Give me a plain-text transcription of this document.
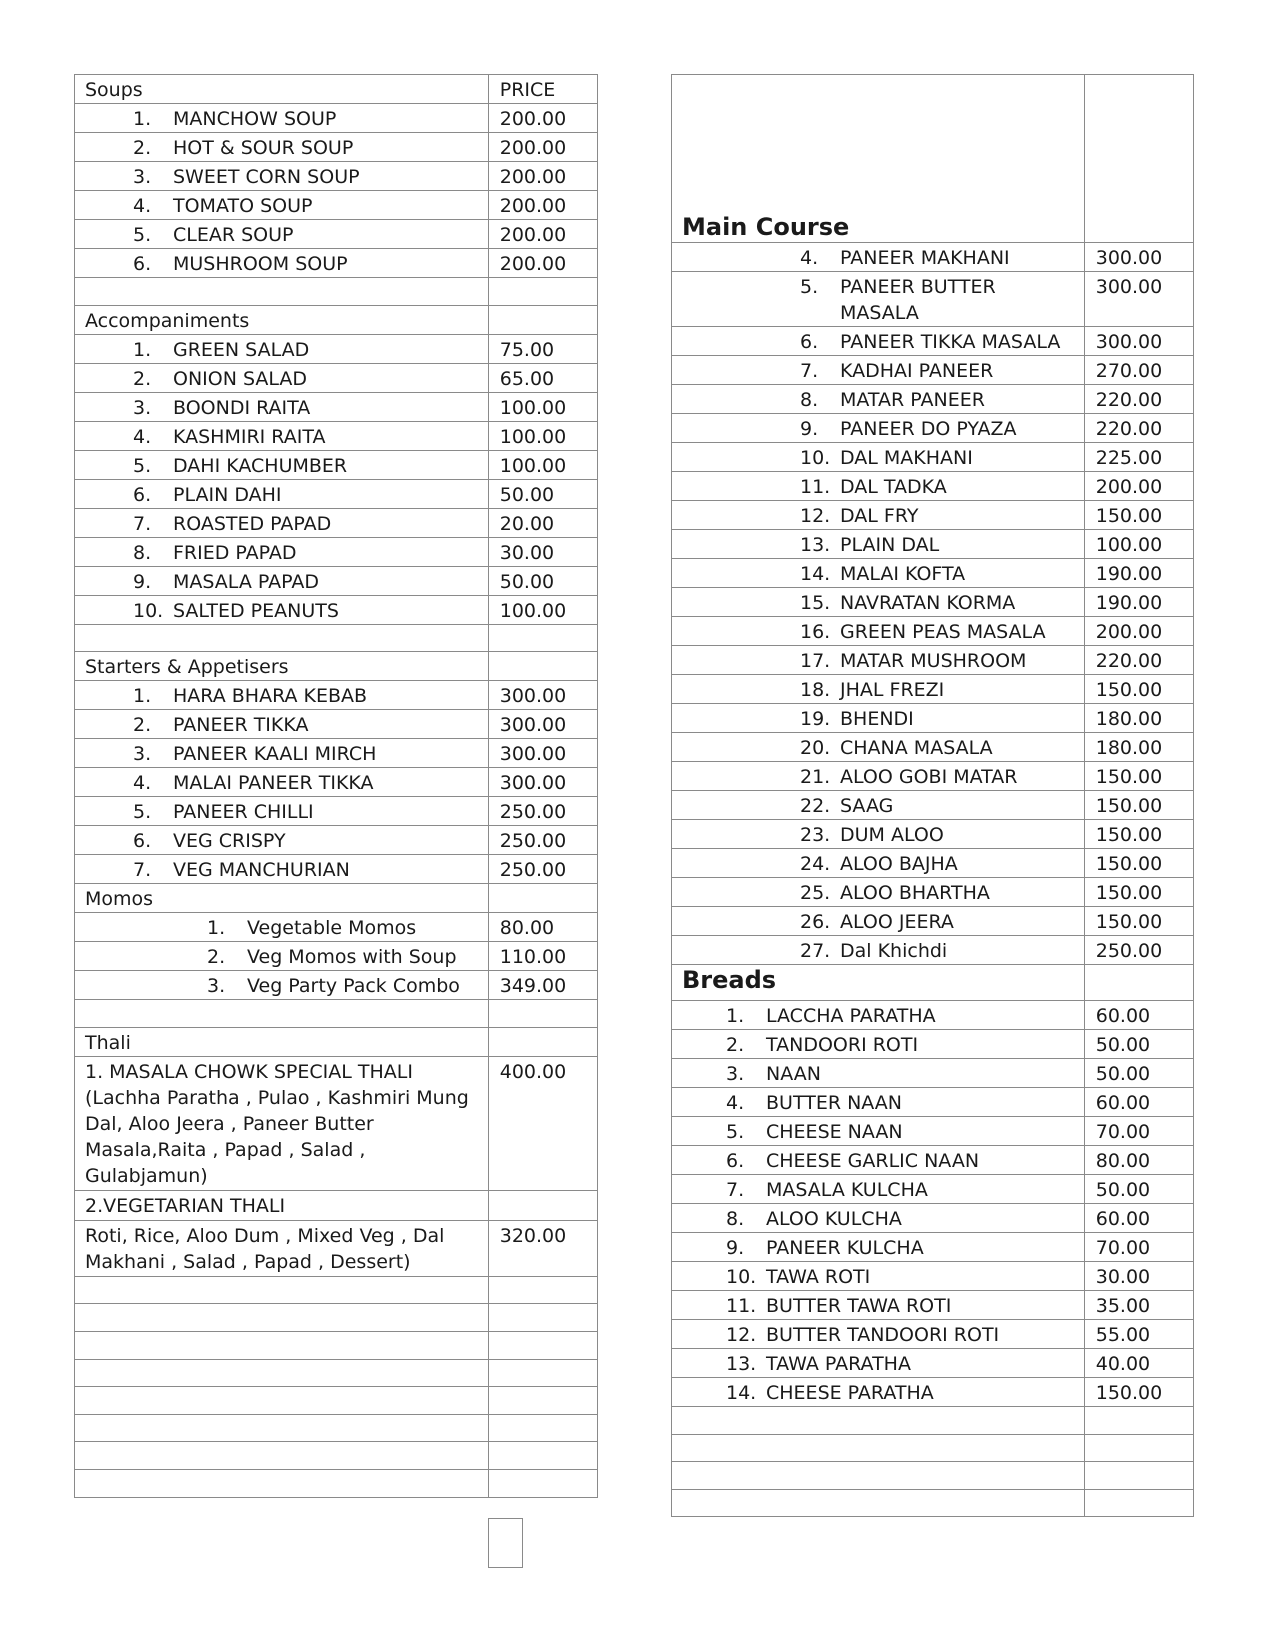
Soups	PRICE
1. MANCHOW SOUP	200.00
2. HOT & SOUR SOUP	200.00
3. SWEET CORN SOUP	200.00
4. TOMATO SOUP	200.00
5. CLEAR SOUP	200.00
6. MUSHROOM SOUP	200.00

Accompaniments	
1. GREEN SALAD	75.00
2. ONION SALAD	65.00
3. BOONDI RAITA	100.00
4. KASHMIRI RAITA	100.00
5. DAHI KACHUMBER	100.00
6. PLAIN DAHI	50.00
7. ROASTED PAPAD	20.00
8. FRIED PAPAD	30.00
9. MASALA PAPAD	50.00
10. SALTED PEANUTS	100.00

Starters & Appetisers	
1. HARA BHARA KEBAB	300.00
2. PANEER TIKKA	300.00
3. PANEER KAALI MIRCH	300.00
4. MALAI PANEER TIKKA	300.00
5. PANEER CHILLI	250.00
6. VEG CRISPY	250.00
7. VEG MANCHURIAN	250.00
Momos	
1. Vegetable Momos	80.00
2. Veg Momos with Soup	110.00
3. Veg Party Pack Combo	349.00

Thali	
1. MASALA CHOWK SPECIAL THALI (Lachha Paratha , Pulao , Kashmiri Mung Dal, Aloo Jeera , Paneer Butter Masala,Raita , Papad , Salad , Gulabjamun)	400.00
2.VEGETARIAN THALI	
Roti, Rice, Aloo Dum , Mixed Veg , Dal Makhani , Salad , Papad , Dessert)	320.00

Main Course	
4. PANEER MAKHANI	300.00

5. PANEER BUTTER MASALA	300.00
6. PANEER TIKKA MASALA	300.00
7. KADHAI PANEER	270.00
8. MATAR PANEER	220.00
9. PANEER DO PYAZA	220.00
10. DAL MAKHANI	225.00
11. DAL TADKA	200.00
12. DAL FRY	150.00
13. PLAIN DAL	100.00
14. MALAI KOFTA	190.00
15. NAVRATAN KORMA	190.00
16. GREEN PEAS MASALA	200.00
17. MATAR MUSHROOM	220.00
18. JHAL FREZI	150.00
19. BHENDI	180.00
20. CHANA MASALA	180.00
21. ALOO GOBI MATAR	150.00
22. SAAG	150.00
23. DUM ALOO	150.00
24. ALOO BAJHA	150.00
25. ALOO BHARTHA	150.00
26. ALOO JEERA	150.00
27. Dal Khichdi	250.00
Breads	
1. LACCHA PARATHA	60.00
2. TANDOORI ROTI	50.00
3. NAAN	50.00
4. BUTTER NAAN	60.00
5. CHEESE NAAN	70.00
6. CHEESE GARLIC NAAN	80.00
7. MASALA KULCHA	50.00
8. ALOO KULCHA	60.00
9. PANEER KULCHA	70.00
10. TAWA ROTI	30.00
11. BUTTER TAWA ROTI	35.00
12. BUTTER TANDOORI ROTI	55.00
13. TAWA PARATHA	40.00
14. CHEESE PARATHA	150.00
